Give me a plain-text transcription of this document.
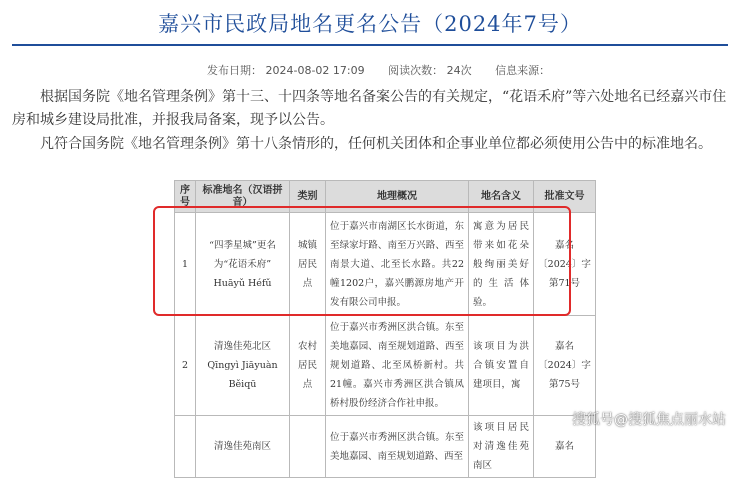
嘉兴市民政局地名更名公告（2024年7号）
发布日期： 2024-08-02 17:09 阅读次数： 24次 信息来源：

根据国务院《地名管理条例》第十三、十四条等地名备案公告的有关规定，“花语禾府”等六处地名已经嘉兴市住房和城乡建设局批准，并报我局备案，现予以公告。

凡符合国务院《地名管理条例》第十八条情形的，任何机关团体和企事业单位都必须使用公告中的标准地名。

序号	标准地名（汉语拼音）	类别	地理概况	地名含义	批准文号
1	“四季星城”更名为“花语禾府” Huāyǔ Héfǔ	城镇居民点	位于嘉兴市南湖区长水街道，东至绿家圩路、南至万兴路、西至南景大道、北至长水路。共22幢1202户，嘉兴鹏源房地产开发有限公司申报。	寓意为居民带来如花朵般绚丽美好的生活体验。	嘉名〔2024〕字第71号
2	清逸佳苑北区 Qīngyì Jiāyuàn Běiqū	农村居民点	位于嘉兴市秀洲区洪合镇。东至美地嘉园、南至规划道路、西至规划道路、北至凤桥新村。共21幢。嘉兴市秀洲区洪合镇凤桥村股份经济合作社申报。	该项目为洪合镇安置自建项目，寓	嘉名〔2024〕字第75号
	清逸佳苑南区		位于嘉兴市秀洲区洪合镇。东至美地嘉园、南至规划道路、西至	该项目居民对清逸佳苑南区	嘉名
搜狐号@搜狐焦点丽水站
